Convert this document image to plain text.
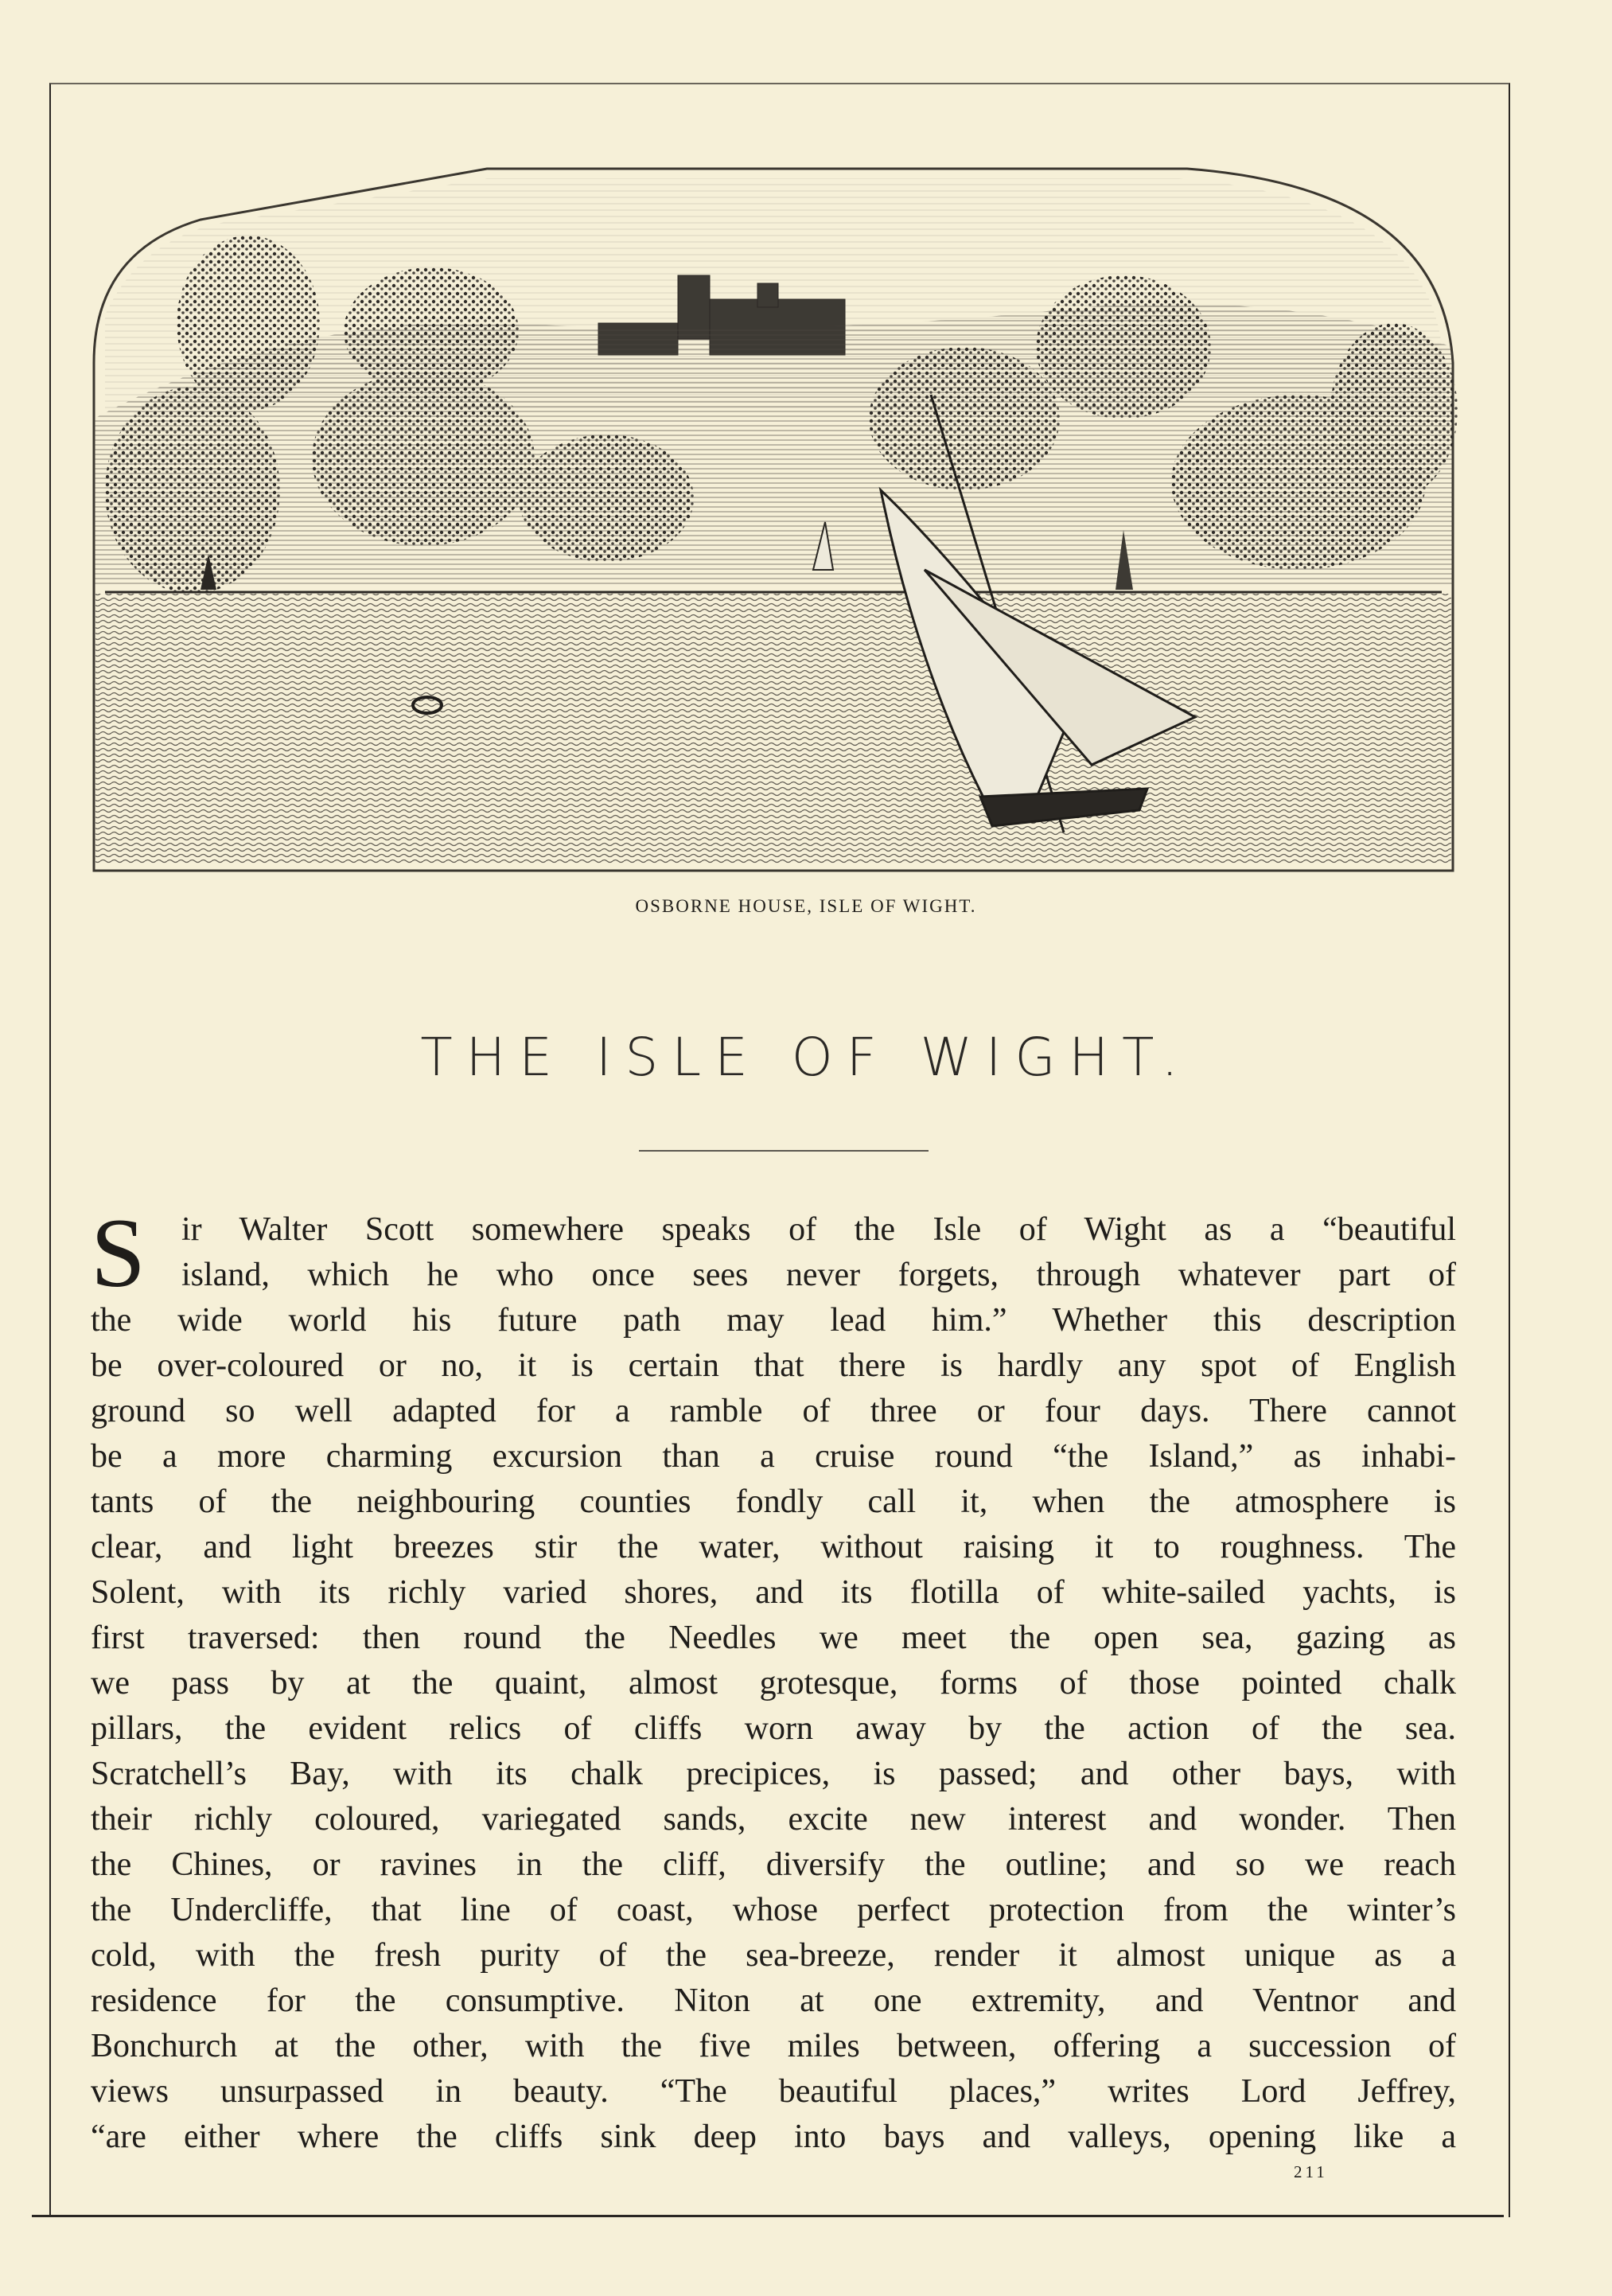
OSBORNE HOUSE, ISLE OF WIGHT.
THE ISLE OF WIGHT.
S	ir Walter Scott somewhere speaks of the Isle of Wight as a “beautiful
island, which he who once sees never forgets, through whatever part of
the wide world his future path may lead him.” Whether this description
be over-coloured or no, it is certain that there is hardly any spot of English
ground so well adapted for a ramble of three or four days. There cannot
be a more charming excursion than a cruise round “the Island,” as inhabi-
tants of the neighbouring counties fondly call it, when the atmosphere is
clear, and light breezes stir the water, without raising it to roughness. The
Solent, with its richly varied shores, and its flotilla of white-sailed yachts, is
first traversed: then round the Needles we meet the open sea, gazing as
we pass by at the quaint, almost grotesque, forms of those pointed chalk
pillars, the evident relics of cliffs worn away by the action of the sea.
Scratchell’s Bay, with its chalk precipices, is passed; and other bays, with
their richly coloured, variegated sands, excite new interest and wonder. Then
the Chines, or ravines in the cliff, diversify the outline; and so we reach
the Undercliffe, that line of coast, whose perfect protection from the winter’s
cold, with the fresh purity of the sea-breeze, render it almost unique as a
residence for the consumptive. Niton at one extremity, and Ventnor and
Bonchurch at the other, with the five miles between, offering a succession of
views unsurpassed in beauty. “The beautiful places,” writes Lord Jeffrey,
“are either where the cliffs sink deep into bays and valleys, opening like a
211
